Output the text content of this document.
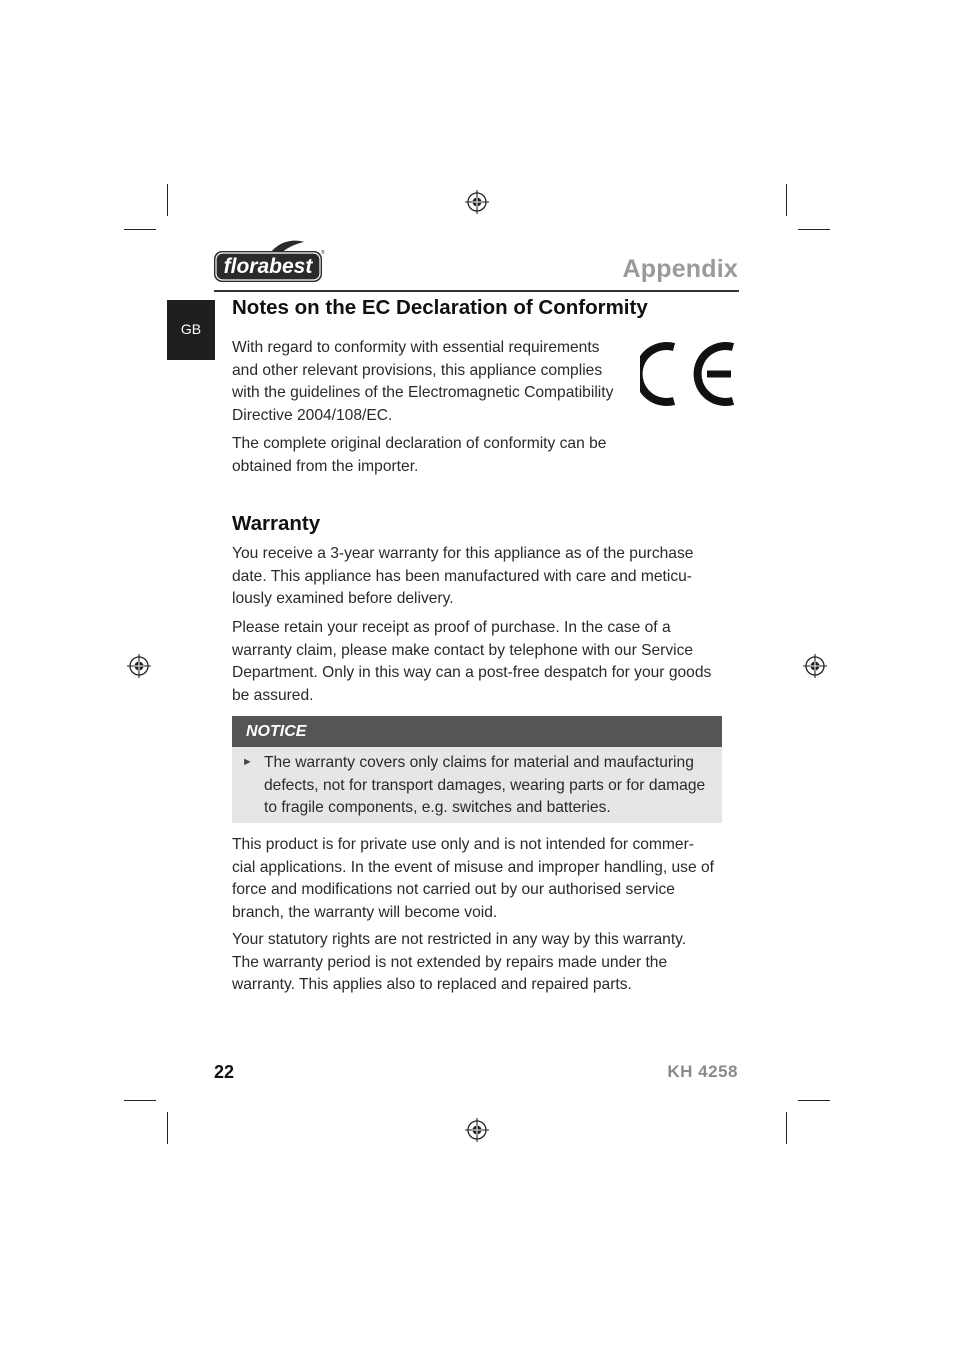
florabest
®
Appendix
GB
Notes on the EC Declaration of Conformity

With regard to conformity with essential requirements and other relevant provisions, this appliance complies with the guidelines of the Electromagnetic Compatibility Directive 2004/108/EC.

The complete original declaration of conformity can be obtained from the importer.

Warranty

You receive a 3-year warranty for this appliance as of the purchase date. This appliance has been manufactured with care and meticu-lously examined before delivery.

Please retain your receipt as proof of purchase. In the case of a warranty claim, please make contact by telephone with our Service Department. Only in this way can a post-free despatch for your goods be assured.

NOTICE
► The warranty covers only claims for material and maufacturing defects, not for transport damages, wearing parts or for damage to fragile components, e.g. switches and batteries.

This product is for private use only and is not intended for commer-cial applications. In the event of misuse and improper handling, use of force and modifications not carried out by our authorised service branch, the warranty will become void.

Your statutory rights are not restricted in any way by this warranty. The warranty period is not extended by repairs made under the warranty. This applies also to replaced and repaired parts.

22	KH 4258
